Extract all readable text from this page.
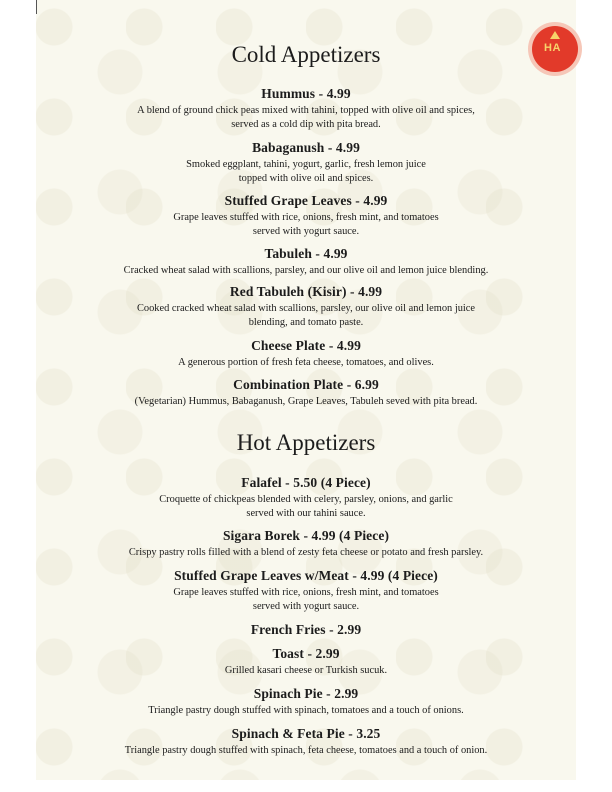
HA
Cold Appetizers
Hummus - 4.99
A blend of ground chick peas mixed with tahini, topped with olive oil and spices,
served as a cold dip with pita bread.
Babaganush - 4.99
Smoked eggplant, tahini, yogurt, garlic, fresh lemon juice
topped with olive oil and spices.
Stuffed Grape Leaves - 4.99
Grape leaves stuffed with rice, onions, fresh mint, and tomatoes
served with yogurt sauce.
Tabuleh - 4.99
Cracked wheat salad with scallions, parsley, and our olive oil and lemon juice blending.
Red Tabuleh (Kisir) - 4.99
Cooked cracked wheat salad with scallions, parsley, our olive oil and lemon juice
blending, and tomato paste.
Cheese Plate - 4.99
A generous portion of fresh feta cheese, tomatoes, and olives.
Combination Plate - 6.99
(Vegetarian) Hummus, Babaganush, Grape Leaves, Tabuleh seved with pita bread.
Hot Appetizers
Falafel - 5.50 (4 Piece)
Croquette of chickpeas blended with celery, parsley, onions, and garlic
served with our tahini sauce.
Sigara Borek - 4.99 (4 Piece)
Crispy pastry rolls filled with a blend of zesty feta cheese or potato and fresh parsley.
Stuffed Grape Leaves w/Meat - 4.99 (4 Piece)
Grape leaves stuffed with rice, onions, fresh mint, and tomatoes
served with yogurt sauce.
French Fries - 2.99
Toast - 2.99
Grilled kasari cheese or Turkish sucuk.
Spinach Pie - 2.99
Triangle pastry dough stuffed with spinach, tomatoes and a touch of onions.
Spinach & Feta Pie - 3.25
Triangle pastry dough stuffed with spinach, feta cheese, tomatoes and a touch of onion.
